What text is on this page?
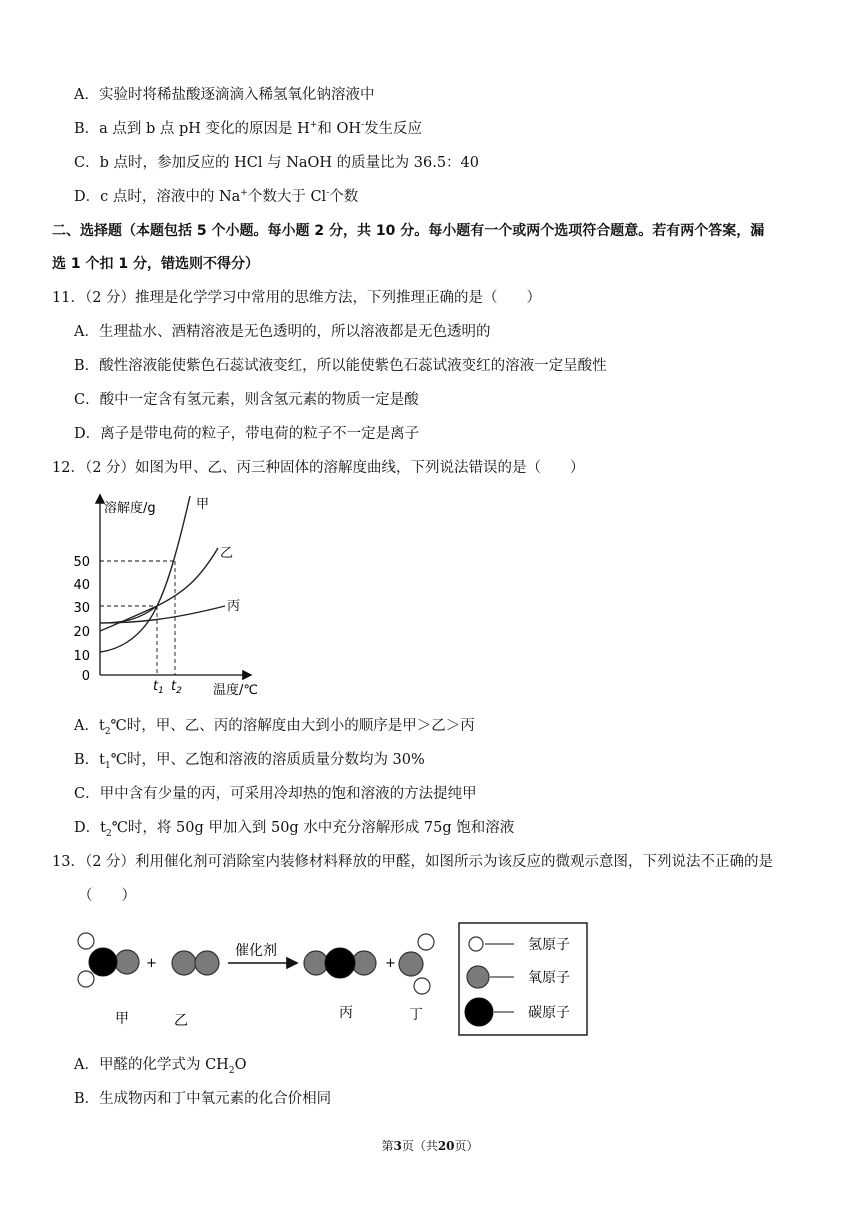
A．实验时将稀盐酸逐滴滴入稀氢氧化钠溶液中
B．a 点到 b 点 pH 变化的原因是 H+和 OH-发生反应
C．b 点时，参加反应的 HCl 与 NaOH 的质量比为 36.5：40
D．c 点时，溶液中的 Na+个数大于 Cl-个数
二、选择题（本题包括 5 个小题。每小题 2 分，共 10 分。每小题有一个或两个选项符合题意。若有两个答案，漏
选 1 个扣 1 分，错选则不得分）
11．（2 分）推理是化学学习中常用的思维方法，下列推理正确的是（　　）
A．生理盐水、酒精溶液是无色透明的，所以溶液都是无色透明的
B．酸性溶液能使紫色石蕊试液变红，所以能使紫色石蕊试液变红的溶液一定呈酸性
C．酸中一定含有氢元素，则含氢元素的物质一定是酸
D．离子是带电荷的粒子，带电荷的粒子不一定是离子
12．（2 分）如图为甲、乙、丙三种固体的溶解度曲线，下列说法错误的是（　　）
溶解度/g
温度/℃
0
10
20
30
40
50
$t_1$ $t_2$
甲
乙
丙
A．$t_2℃$时，甲、乙、丙的溶解度由大到小的顺序是甲＞乙＞丙
B．$t_1℃$时，甲、乙饱和溶液的溶质质量分数均为 30%
C．甲中含有少量的丙，可采用冷却热的饱和溶液的方法提纯甲
D．$t_2℃$时，将 50g 甲加入到 50g 水中充分溶解形成 75g 饱和溶液
13．（2 分）利用催化剂可消除室内装修材料释放的甲醛，如图所示为该反应的微观示意图，下列说法不正确的是
（　　）
+
催化剂
+
甲	乙	丙	丁
氢原子
氧原子
碳原子
A．甲醛的化学式为 $CH_2O$
B．生成物丙和丁中氧元素的化合价相同
第3页（共20页）
